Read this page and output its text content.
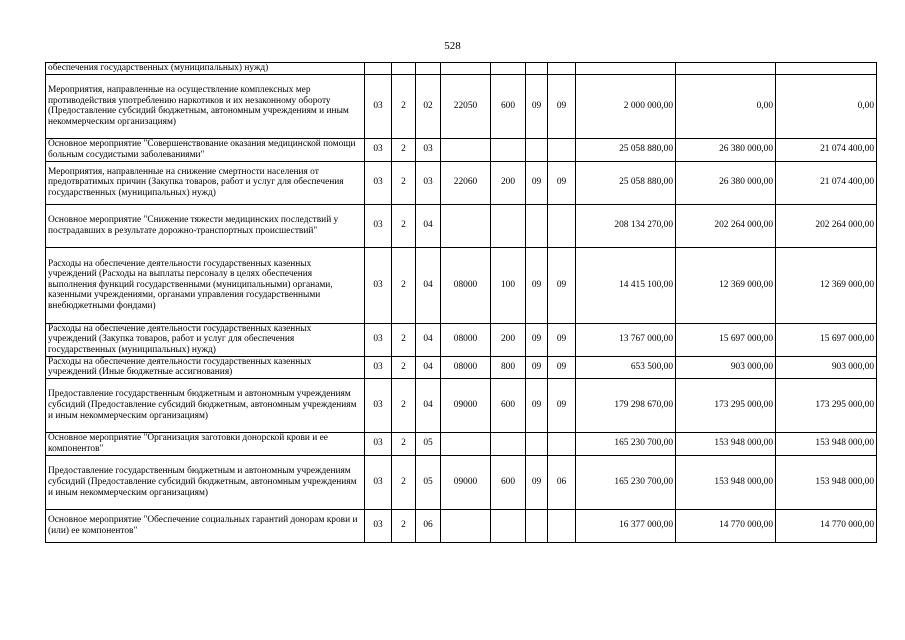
528
обеспечения государственных (муниципальных) нужд)										
Мероприятия, направленные на осуществление комплексных мер противодействия употреблению наркотиков и их незаконному обороту (Предоставление субсидий бюджетным, автономным учреждениям и иным некоммерческим организациям)	03	2	02	22050	600	09	09	2 000 000,00	0,00	0,00
Основное мероприятие "Совершенствование оказания медицинской помощи больным сосудистыми заболеваниями"	03	2	03					25 058 880,00	26 380 000,00	21 074 400,00
Мероприятия, направленные на снижение смертности населения от предотвратимых причин (Закупка товаров, работ и услуг для обеспечения государственных (муниципальных) нужд)	03	2	03	22060	200	09	09	25 058 880,00	26 380 000,00	21 074 400,00
Основное мероприятие "Снижение тяжести медицинских последствий у пострадавших в результате дорожно-транспортных происшествий"	03	2	04					208 134 270,00	202 264 000,00	202 264 000,00
Расходы на обеспечение деятельности государственных казенных учреждений (Расходы на выплаты персоналу в целях обеспечения выполнения функций государственными (муниципальными) органами, казенными учреждениями, органами управления государственными внебюджетными фондами)	03	2	04	08000	100	09	09	14 415 100,00	12 369 000,00	12 369 000,00
Расходы на обеспечение деятельности государственных казенных учреждений (Закупка товаров, работ и услуг для обеспечения государственных (муниципальных) нужд)	03	2	04	08000	200	09	09	13 767 000,00	15 697 000,00	15 697 000,00
Расходы на обеспечение деятельности государственных казенных учреждений (Иные бюджетные ассигнования)	03	2	04	08000	800	09	09	653 500,00	903 000,00	903 000,00
Предоставление государственным бюджетным и автономным учреждениям субсидий (Предоставление субсидий бюджетным, автономным учреждениям и иным некоммерческим организациям)	03	2	04	09000	600	09	09	179 298 670,00	173 295 000,00	173 295 000,00
Основное мероприятие "Организация заготовки донорской крови и ее компонентов"	03	2	05					165 230 700,00	153 948 000,00	153 948 000,00
Предоставление государственным бюджетным и автономным учреждениям субсидий (Предоставление субсидий бюджетным, автономным учреждениям и иным некоммерческим организациям)	03	2	05	09000	600	09	06	165 230 700,00	153 948 000,00	153 948 000,00
Основное мероприятие "Обеспечение социальных гарантий донорам крови и (или) ее компонентов"	03	2	06					16 377 000,00	14 770 000,00	14 770 000,00
